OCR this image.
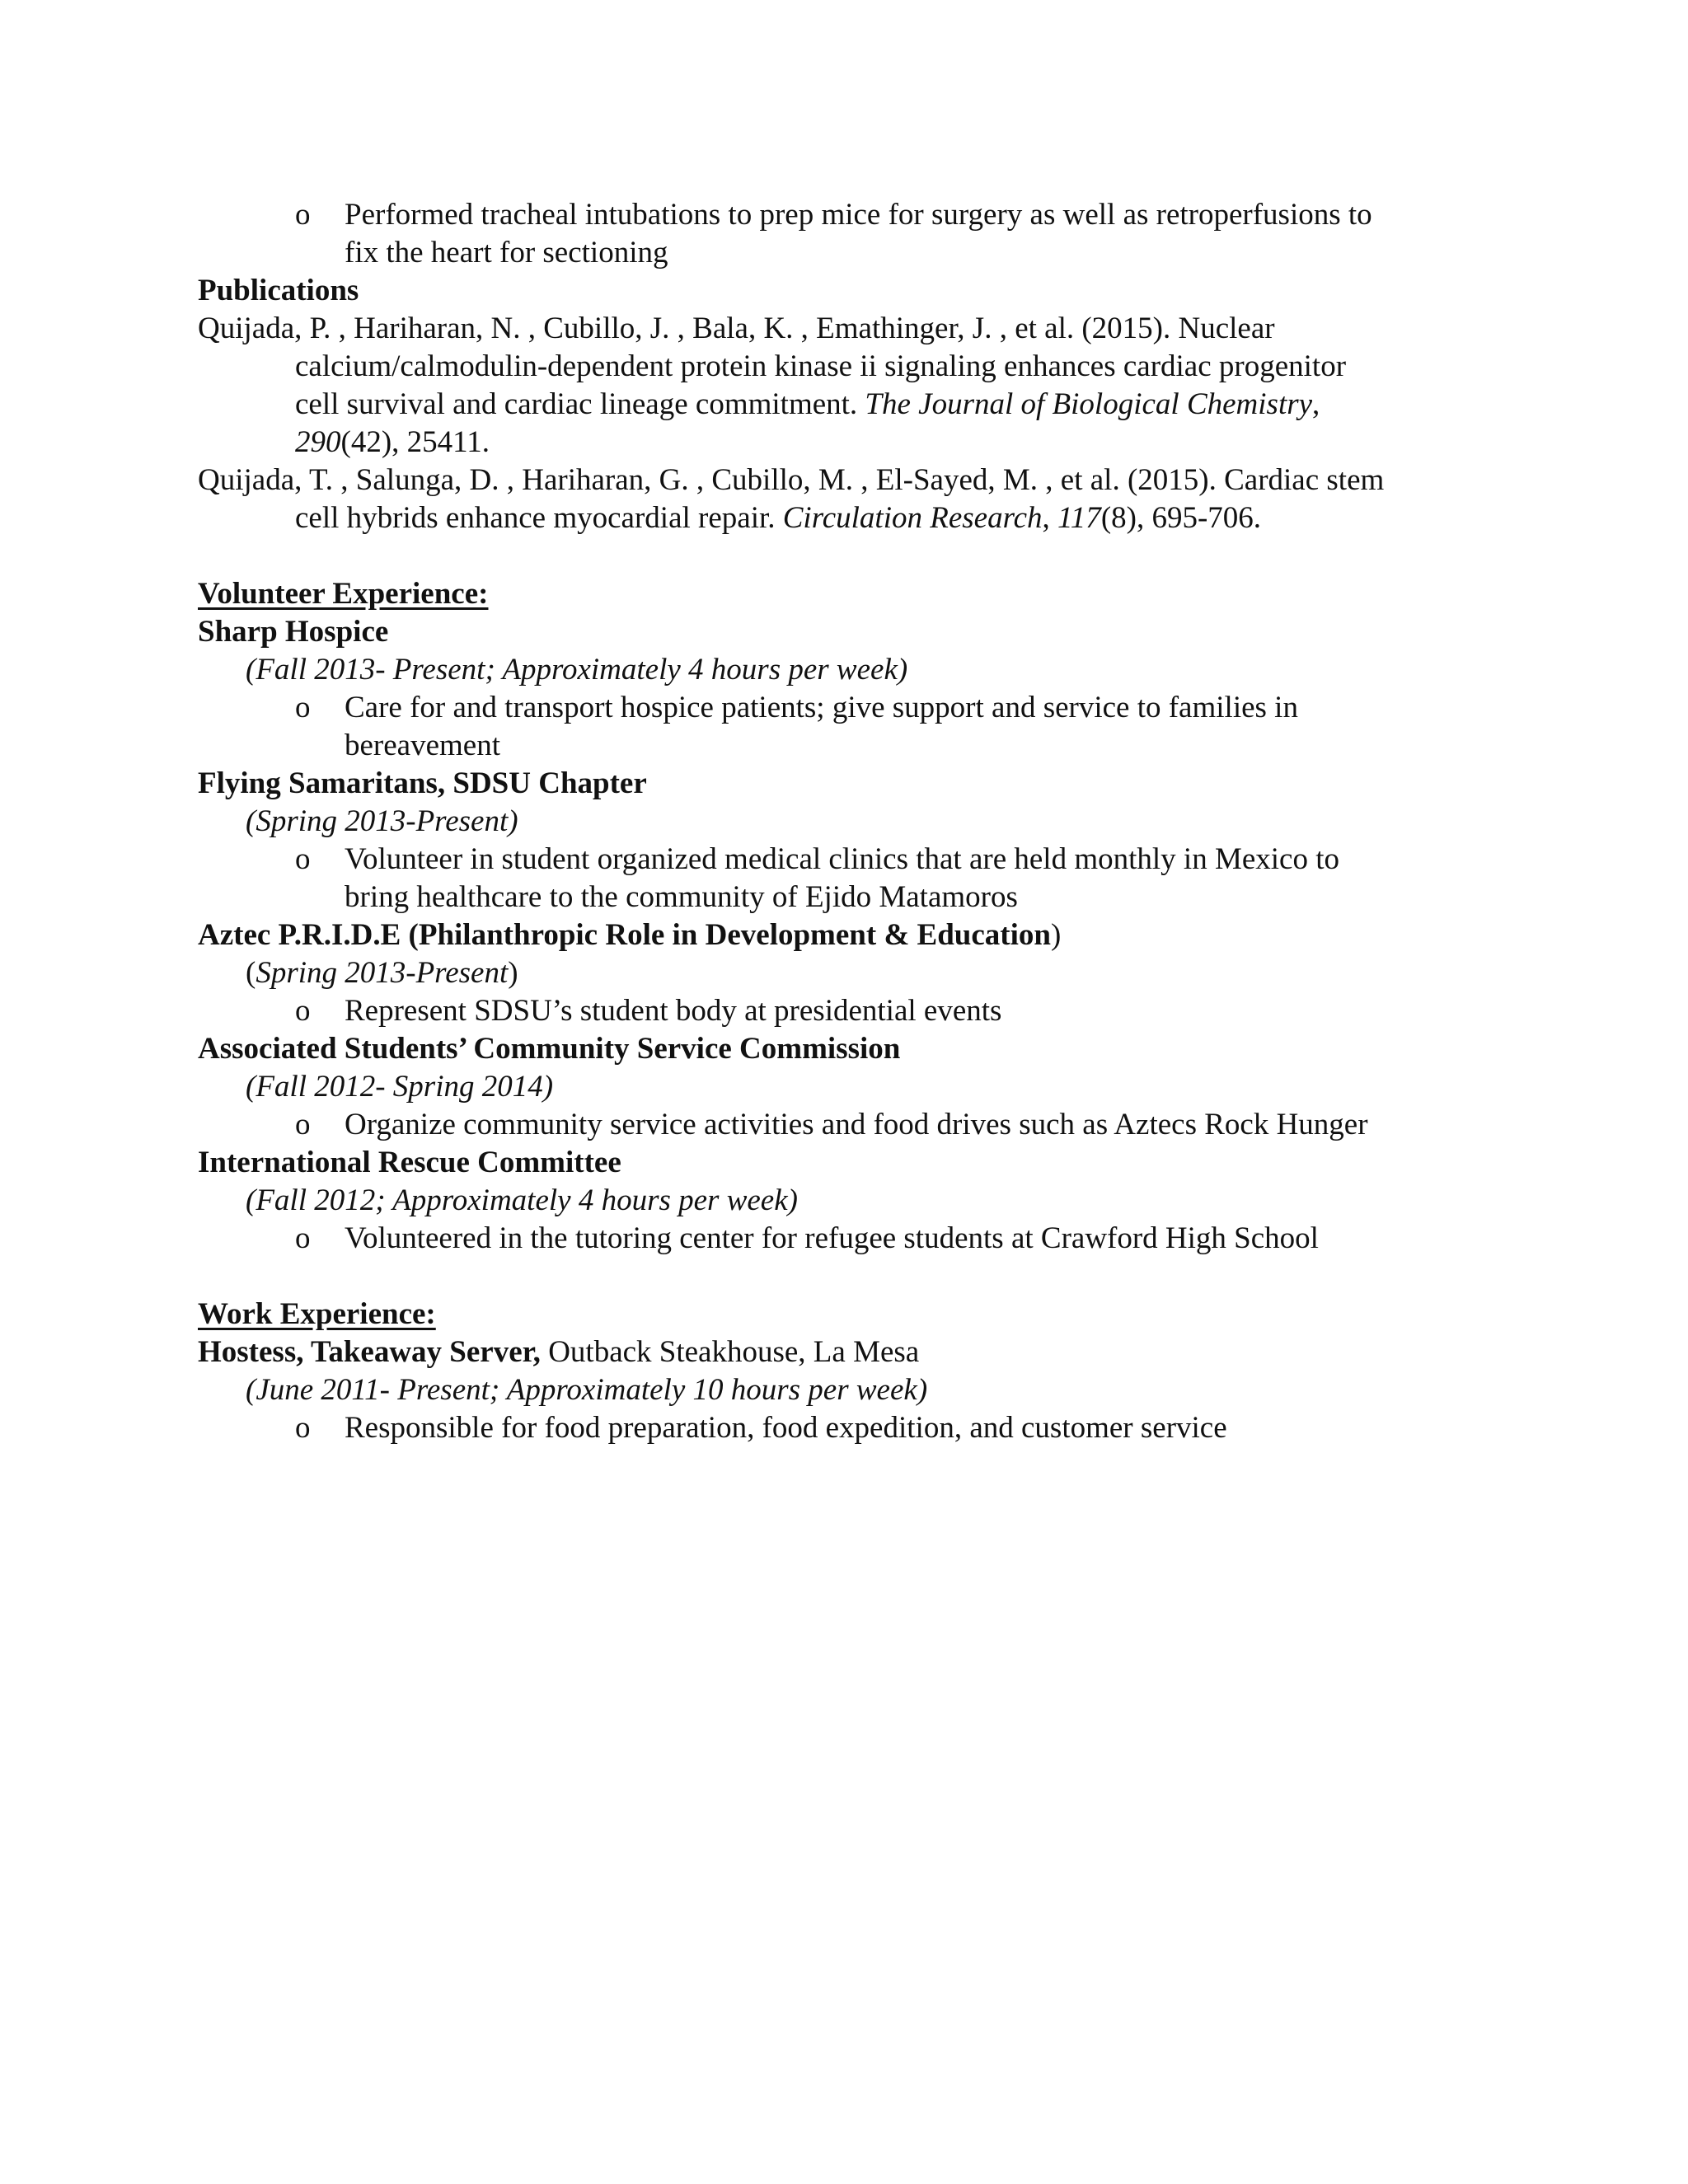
o Performed tracheal intubations to prep mice for surgery as well as retroperfusions to
fix the heart for sectioning
Publications
Quijada, P. , Hariharan, N. , Cubillo, J. , Bala, K. , Emathinger, J. , et al. (2015). Nuclear
calcium/calmodulin-dependent protein kinase ii signaling enhances cardiac progenitor
cell survival and cardiac lineage commitment. The Journal of Biological Chemistry,
290(42), 25411.
Quijada, T. , Salunga, D. , Hariharan, G. , Cubillo, M. , El-Sayed, M. , et al. (2015). Cardiac stem
cell hybrids enhance myocardial repair. Circulation Research, 117(8), 695-706.
Volunteer Experience:
Sharp Hospice
(Fall 2013- Present; Approximately 4 hours per week)
o Care for and transport hospice patients; give support and service to families in
bereavement
Flying Samaritans, SDSU Chapter
(Spring 2013-Present)
o Volunteer in student organized medical clinics that are held monthly in Mexico to
bring healthcare to the community of Ejido Matamoros
Aztec P.R.I.D.E (Philanthropic Role in Development & Education)
(Spring 2013-Present)
o Represent SDSU’s student body at presidential events
Associated Students’ Community Service Commission
(Fall 2012- Spring 2014)
o Organize community service activities and food drives such as Aztecs Rock Hunger
International Rescue Committee
(Fall 2012; Approximately 4 hours per week)
o Volunteered in the tutoring center for refugee students at Crawford High School
Work Experience:
Hostess, Takeaway Server, Outback Steakhouse, La Mesa
(June 2011- Present; Approximately 10 hours per week)
o Responsible for food preparation, food expedition, and customer service
